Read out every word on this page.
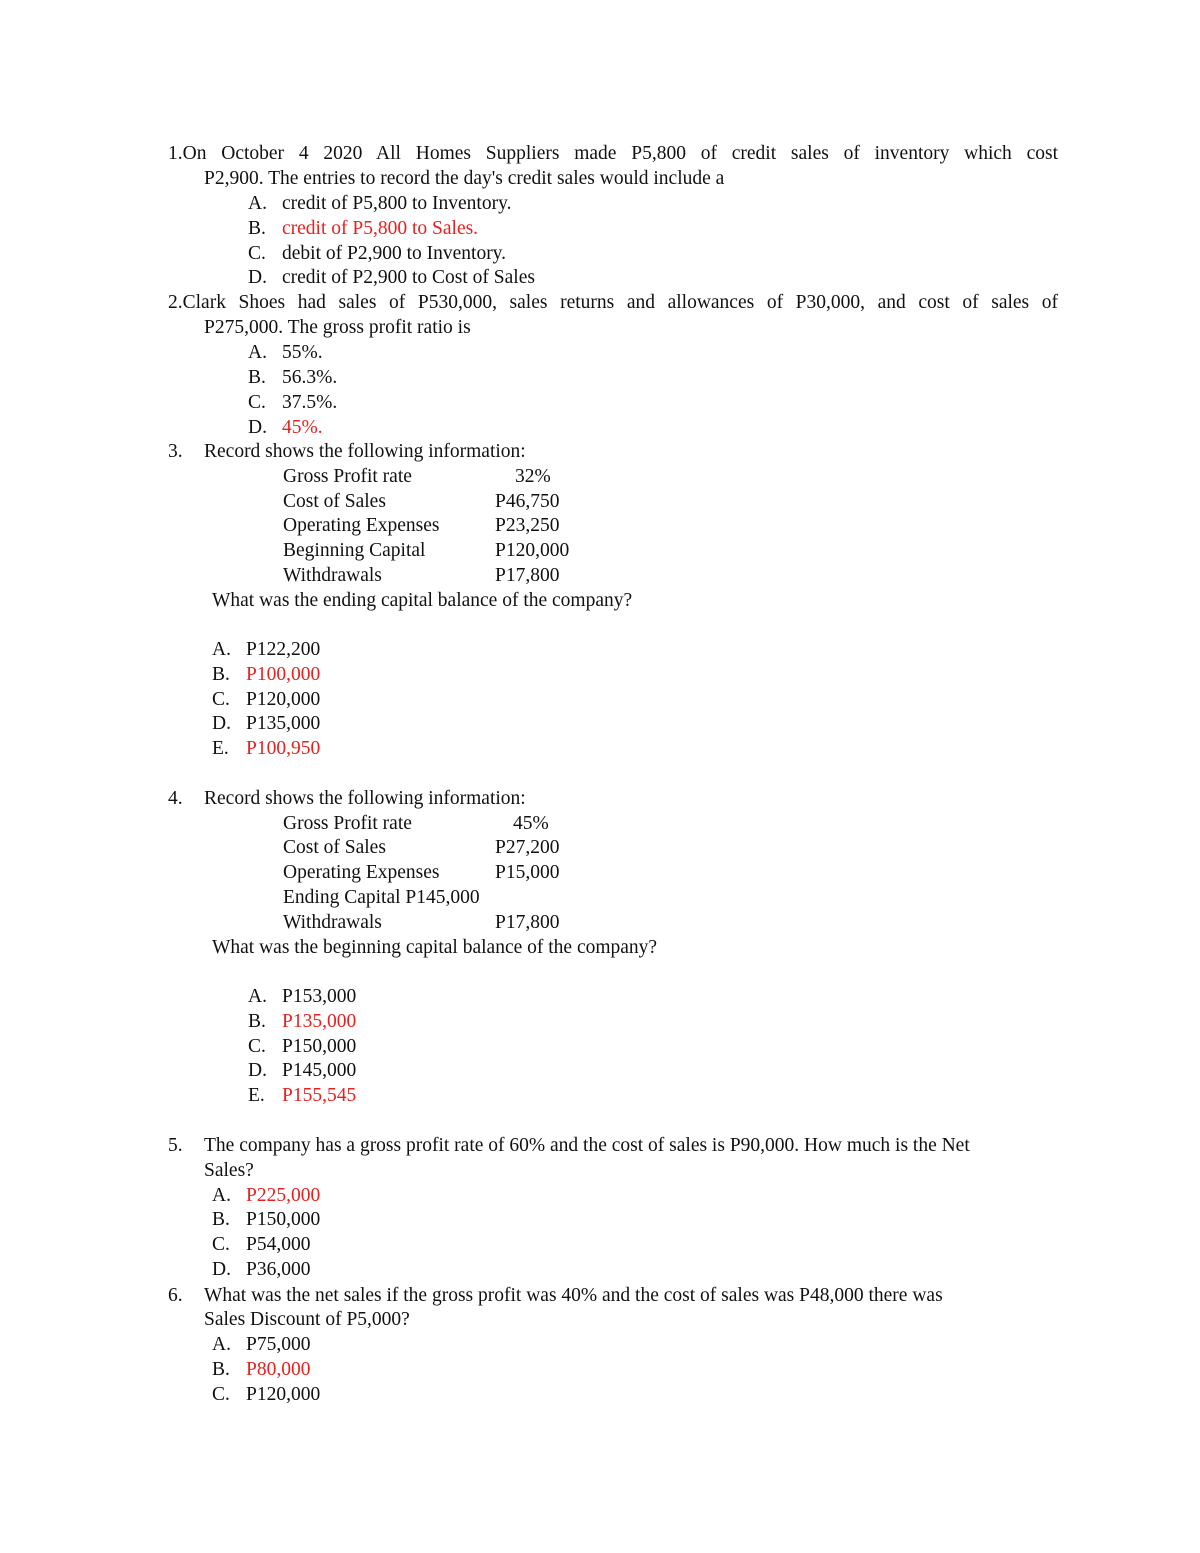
1.On October 4 2020 All Homes Suppliers made P5,800 of credit sales of inventory which cost
P2,900. The entries to record the day's credit sales would include a
A. credit of P5,800 to Inventory.
B. credit of P5,800 to Sales.
C. debit of P2,900 to Inventory.
D. credit of P2,900 to Cost of Sales
2.Clark Shoes had sales of P530,000, sales returns and allowances of P30,000, and cost of sales of
P275,000. The gross profit ratio is
A. 55%.
B. 56.3%.
C. 37.5%.
D. 45%.
3. Record shows the following information:
Gross Profit rate	32%
Cost of Sales	P46,750
Operating Expenses	P23,250
Beginning Capital	P120,000
Withdrawals	P17,800
What was the ending capital balance of the company?
A. P122,200
B. P100,000
C. P120,000
D. P135,000
E. P100,950
4. Record shows the following information:
Gross Profit rate	45%
Cost of Sales	P27,200
Operating Expenses	P15,000
Ending Capital P145,000
Withdrawals	P17,800
What was the beginning capital balance of the company?
A. P153,000
B. P135,000
C. P150,000
D. P145,000
E. P155,545
5. The company has a gross profit rate of 60% and the cost of sales is P90,000. How much is the Net
Sales?
A. P225,000
B. P150,000
C. P54,000
D. P36,000
6. What was the net sales if the gross profit was 40% and the cost of sales was P48,000 there was
Sales Discount of P5,000?
A. P75,000
B. P80,000
C. P120,000
